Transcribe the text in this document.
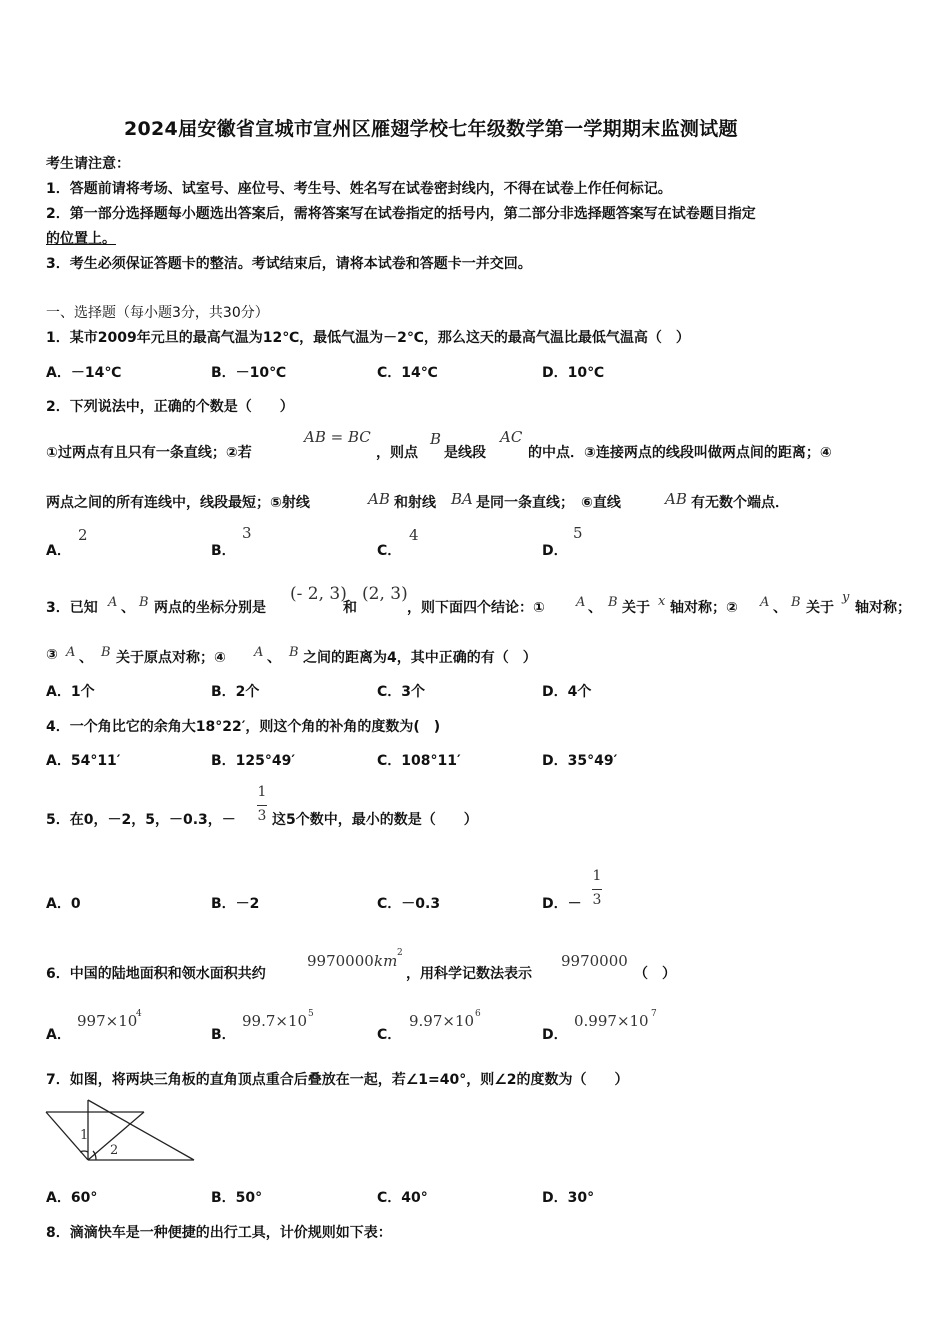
2024届安徽省宣城市宣州区雁翅学校七年级数学第一学期期末监测试题
考生请注意：
1．答题前请将考场、试室号、座位号、考生号、姓名写在试卷密封线内，不得在试卷上作任何标记。
2．第一部分选择题每小题选出答案后，需将答案写在试卷指定的括号内，第二部分非选择题答案写在试卷题目指定
的位置上。
3．考生必须保证答题卡的整洁。考试结束后，请将本试卷和答题卡一并交回。
一、选择题（每小题3分，共30分）
1．某市2009年元旦的最高气温为12℃，最低气温为－2℃，那么这天的最高气温比最低气温高（　）
A．－14℃	B．－10℃	C．14℃	D．10℃
2．下列说法中，正确的个数是（　　）
①过两点有且只有一条直线；②若
AB = BC
，则点
B
是线段
AC
的中点．③连接两点的线段叫做两点间的距离；④
两点之间的所有连线中，线段最短；⑤射线	AB 和射线 BA 是同一条直线；　⑥直线	AB 有无数个端点．
A．
2
B．
3
C．
4
D．
5
3．已知 A 、 B 两点的坐标分别是
(- 2, 3)
和
(2, 3)
，则下面四个结论：① A 、 B 关于 x 轴对称；② A 、 B 关于
y
轴对称；
③ A 、 B 关于原点对称；④ A 、 B 之间的距离为4，其中正确的有（　）
A．1个	B．2个	C．3个	D．4个
4．一个角比它的余角大18°22′，则这个角的补角的度数为(　)
A．54°11′	B．125°49′	C．108°11′	D．35°49′
5．在0，－2，5，－0.3，－
1
3 这5个数中，最小的数是（　　）
A．0	B．－2	C．－0.3	D．－
1
3
6．中国的陆地面积和领水面积共约
9970000 km 2
，用科学记数法表示
9970000
（　）
A．
997×10
4
B．
99.7×10 5
C．
9.97×10 6
D．
0.997×10 7
7．如图，将两块三角板的直角顶点重合后叠放在一起，若∠1=40°，则∠2的度数为（　　）
1
2
A．60°	B．50°	C．40°	D．30°
8．滴滴快车是一种便捷的出行工具，计价规则如下表：
